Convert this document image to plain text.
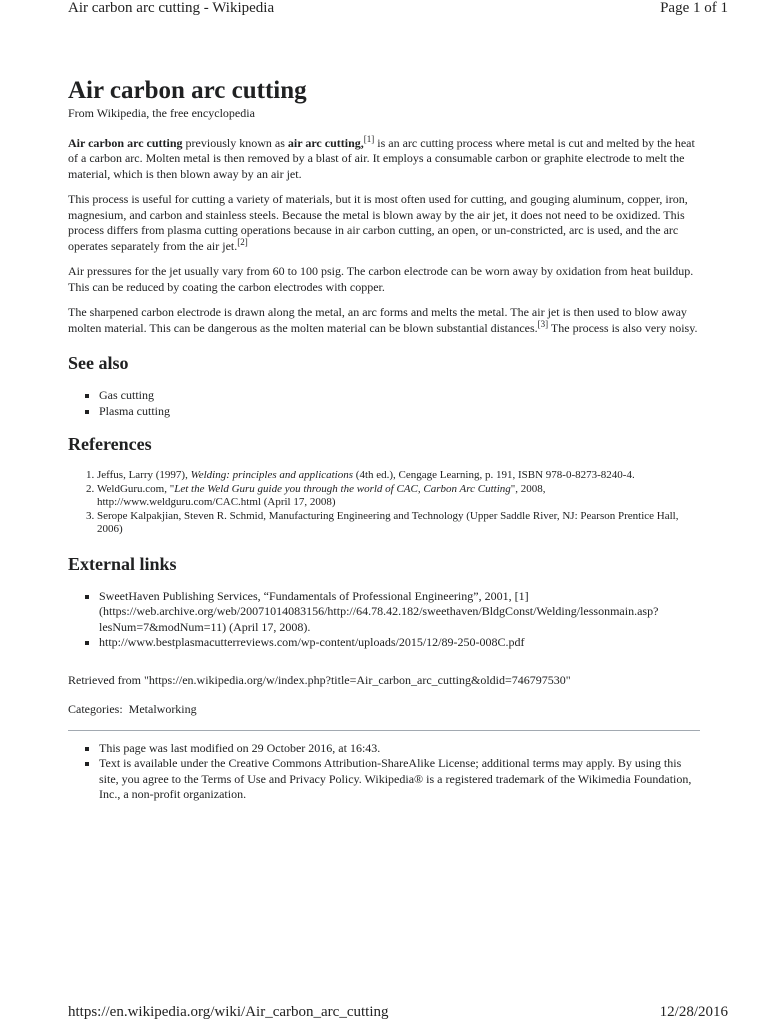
Air carbon arc cutting - Wikipedia	Page 1 of 1
Air carbon arc cutting
From Wikipedia, the free encyclopedia

Air carbon arc cutting previously known as air arc cutting,[1] is an arc cutting process where metal is cut and melted by the heat of a carbon arc. Molten metal is then removed by a blast of air. It employs a consumable carbon or graphite electrode to melt the material, which is then blown away by an air jet.

This process is useful for cutting a variety of materials, but it is most often used for cutting, and gouging aluminum, copper, iron, magnesium, and carbon and stainless steels. Because the metal is blown away by the air jet, it does not need to be oxidized. This process differs from plasma cutting operations because in air carbon cutting, an open, or un-constricted, arc is used, and the arc operates separately from the air jet.[2]

Air pressures for the jet usually vary from 60 to 100 psig. The carbon electrode can be worn away by oxidation from heat buildup. This can be reduced by coating the carbon electrodes with copper.

The sharpened carbon electrode is drawn along the metal, an arc forms and melts the metal. The air jet is then used to blow away molten material. This can be dangerous as the molten material can be blown substantial distances.[3] The process is also very noisy.

See also
▪ Gas cutting
▪ Plasma cutting
References
1. Jeffus, Larry (1997), Welding: principles and applications (4th ed.), Cengage Learning, p. 191, ISBN 978-0-8273-8240-4.
2. WeldGuru.com, "Let the Weld Guru guide you through the world of CAC, Carbon Arc Cutting", 2008, http://www.weldguru.com/CAC.html (April 17, 2008)
3. Serope Kalpakjian, Steven R. Schmid, Manufacturing Engineering and Technology (Upper Saddle River, NJ: Pearson Prentice Hall, 2006)
External links
▪ SweetHaven Publishing Services, “Fundamentals of Professional Engineering”, 2001, [1] (https://web.archive.org/web/20071014083156/http://64.78.42.182/sweethaven/BldgConst/Welding/lessonmain.asp?lesNum=7&modNum=11) (April 17, 2008).
▪ http://www.bestplasmacutterreviews.com/wp-content/uploads/2015/12/89-250-008C.pdf
Retrieved from "https://en.wikipedia.org/w/index.php?title=Air_carbon_arc_cutting&oldid=746797530"
Categories: Metalworking
▪ This page was last modified on 29 October 2016, at 16:43.
▪ Text is available under the Creative Commons Attribution-ShareAlike License; additional terms may apply. By using this site, you agree to the Terms of Use and Privacy Policy. Wikipedia® is a registered trademark of the Wikimedia Foundation, Inc., a non-profit organization.
https://en.wikipedia.org/wiki/Air_carbon_arc_cutting	12/28/2016
